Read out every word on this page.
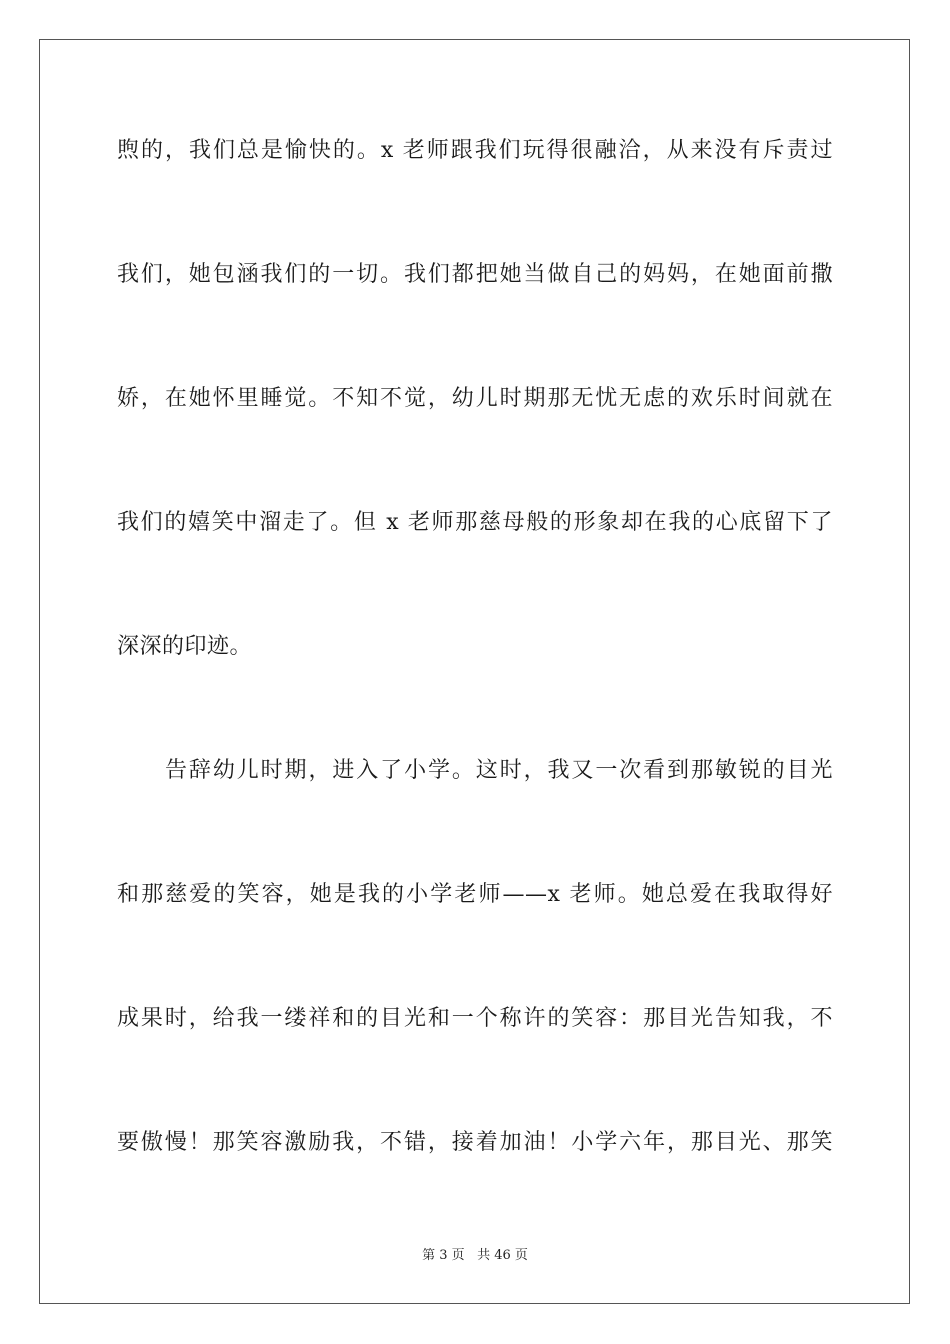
煦的，我们总是愉快的。x 老师跟我们玩得很融洽，从来没有斥责过
我们，她包涵我们的一切。我们都把她当做自己的妈妈，在她面前撒
娇，在她怀里睡觉。不知不觉，幼儿时期那无忧无虑的欢乐时间就在
我们的嬉笑中溜走了。但 x 老师那慈母般的形象却在我的心底留下了
深深的印迹。
告辞幼儿时期，进入了小学。这时，我又一次看到那敏锐的目光
和那慈爱的笑容，她是我的小学老师——x 老师。她总爱在我取得好
成果时，给我一缕祥和的目光和一个称许的笑容：那目光告知我，不
要傲慢！那笑容激励我，不错，接着加油！小学六年，那目光、那笑
第 3 页 共 46 页
